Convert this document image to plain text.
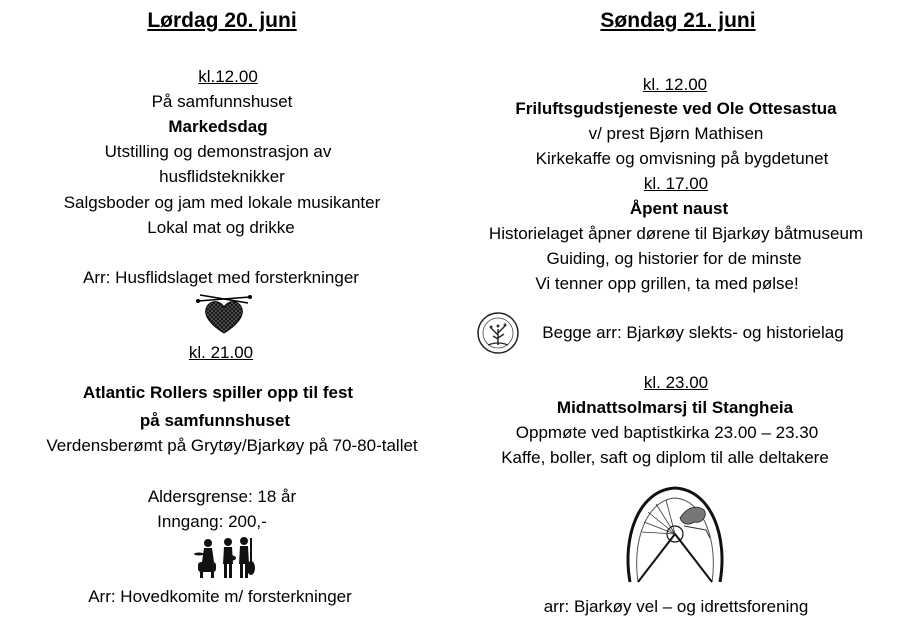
Lørdag 20. juni
kl.12.00
På samfunnshuset
Markedsdag
Utstilling og demonstrasjon av
husflidsteknikker
Salgsboder og jam med lokale musikanter
Lokal mat og drikke
Arr: Husflidslaget med forsterkninger
kl. 21.00
Atlantic Rollers spiller opp til fest
på samfunnshuset
Verdensberømt på Grytøy/Bjarkøy på 70-80-tallet
Aldersgrense: 18 år
Inngang: 200,-
Arr: Hovedkomite m/ forsterkninger
Søndag 21. juni
kl. 12.00
Friluftsgudstjeneste ved Ole Ottesastua
v/ prest Bjørn Mathisen
Kirkekaffe og omvisning på bygdetunet
kl. 17.00
Åpent naust
Historielaget åpner dørene til Bjarkøy båtmuseum
Guiding, og historier for de minste
Vi tenner opp grillen, ta med pølse!
Begge arr: Bjarkøy slekts- og historielag
kl. 23.00
Midnattsolmarsj til Stangheia
Oppmøte ved baptistkirka 23.00 – 23.30
Kaffe, boller, saft og diplom til alle deltakere
arr: Bjarkøy vel – og idrettsforening
